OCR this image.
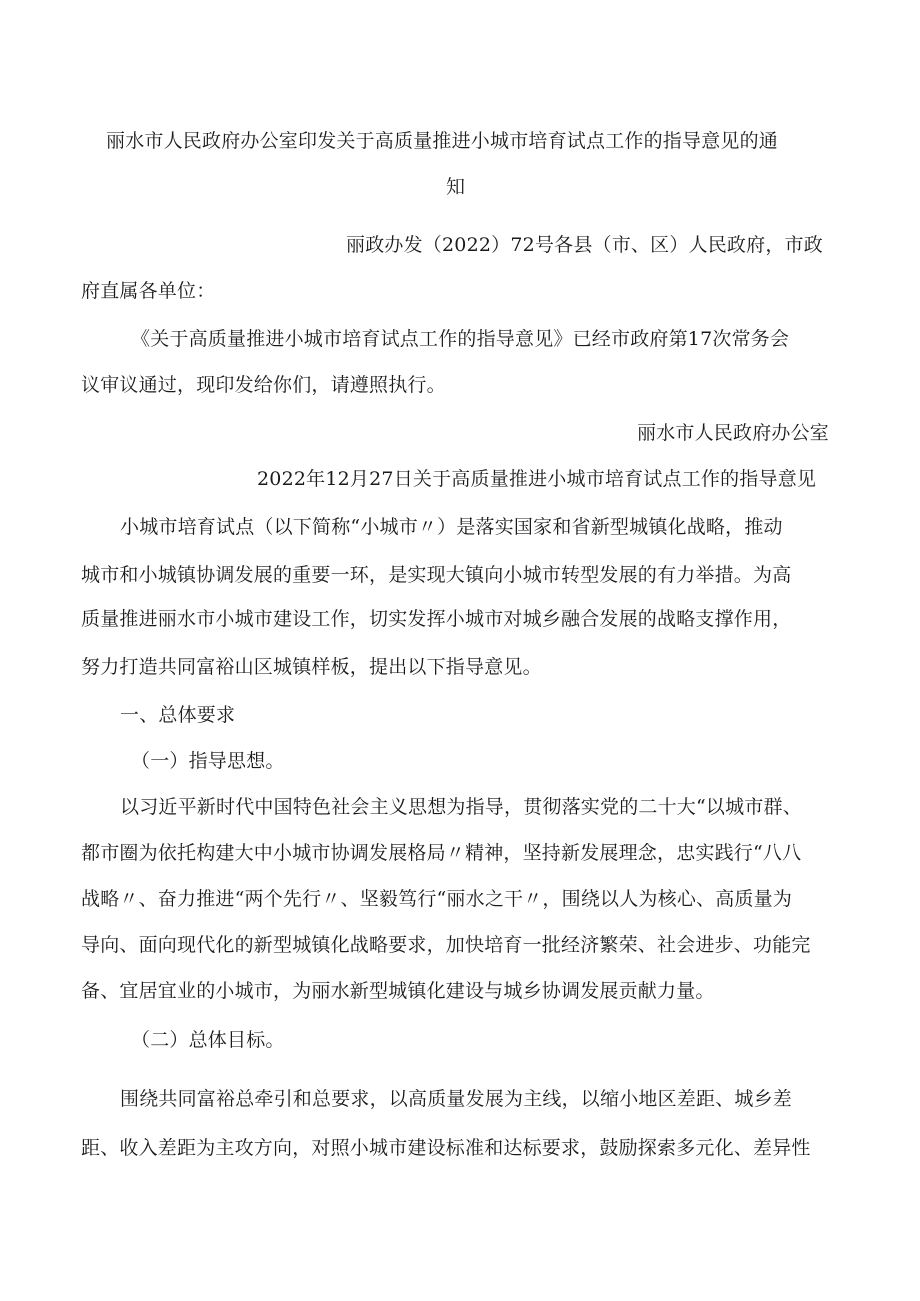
丽水市人民政府办公室印发关于高质量推进小城市培育试点工作的指导意见的通
知
丽政办发（2022）72号各县（市、区）人民政府，市政
府直属各单位：
《关于高质量推进小城市培育试点工作的指导意见》已经市政府第17次常务会
议审议通过，现印发给你们，请遵照执行。
丽水市人民政府办公室
2022年12月27日关于高质量推进小城市培育试点工作的指导意见
小城市培育试点（以下简称“小城市〃）是落实国家和省新型城镇化战略，推动
城市和小城镇协调发展的重要一环，是实现大镇向小城市转型发展的有力举措。为高
质量推进丽水市小城市建设工作，切实发挥小城市对城乡融合发展的战略支撑作用，
努力打造共同富裕山区城镇样板，提出以下指导意见。
一、总体要求
（一）指导思想。
以习近平新时代中国特色社会主义思想为指导，贯彻落实党的二十大“以城市群、
都市圈为依托构建大中小城市协调发展格局〃精神，坚持新发展理念，忠实践行“八八
战略〃、奋力推进“两个先行〃、坚毅笃行“丽水之干〃，围绕以人为核心、高质量为
导向、面向现代化的新型城镇化战略要求，加快培育一批经济繁荣、社会进步、功能完
备、宜居宜业的小城市，为丽水新型城镇化建设与城乡协调发展贡献力量。
（二）总体目标。
围绕共同富裕总牵引和总要求，以高质量发展为主线，以缩小地区差距、城乡差
距、收入差距为主攻方向，对照小城市建设标准和达标要求，鼓励探索多元化、差异性
